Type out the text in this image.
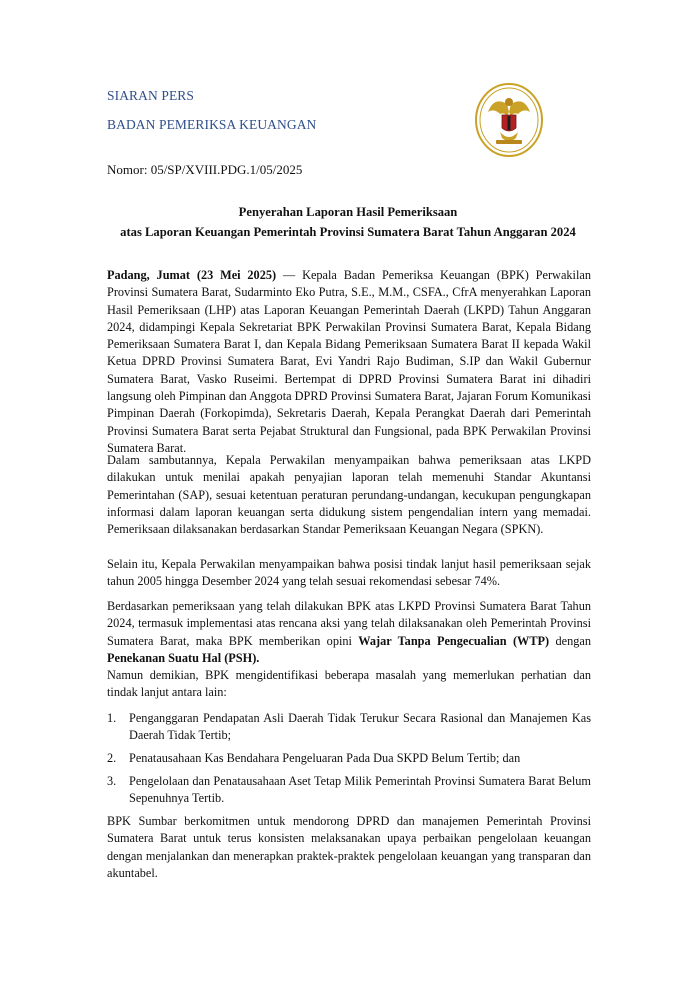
SIARAN PERS
BADAN PEMERIKSA KEUANGAN
Nomor: 05/SP/XVIII.PDG.1/05/2025
Penyerahan Laporan Hasil Pemeriksaan
atas Laporan Keuangan Pemerintah Provinsi Sumatera Barat Tahun Anggaran 2024

Padang, Jumat (23 Mei 2025) — Kepala Badan Pemeriksa Keuangan (BPK) Perwakilan Provinsi Sumatera Barat, Sudarminto Eko Putra, S.E., M.M., CSFA., CfrA menyerahkan Laporan Hasil Pemeriksaan (LHP) atas Laporan Keuangan Pemerintah Daerah (LKPD) Tahun Anggaran 2024, didampingi Kepala Sekretariat BPK Perwakilan Provinsi Sumatera Barat, Kepala Bidang Pemeriksaan Sumatera Barat I, dan Kepala Bidang Pemeriksaan Sumatera Barat II kepada Wakil Ketua DPRD Provinsi Sumatera Barat, Evi Yandri Rajo Budiman, S.IP dan Wakil Gubernur Sumatera Barat, Vasko Ruseimi. Bertempat di DPRD Provinsi Sumatera Barat ini dihadiri langsung oleh Pimpinan dan Anggota DPRD Provinsi Sumatera Barat, Jajaran Forum Komunikasi Pimpinan Daerah (Forkopimda), Sekretaris Daerah, Kepala Perangkat Daerah dari Pemerintah Provinsi Sumatera Barat serta Pejabat Struktural dan Fungsional, pada BPK Perwakilan Provinsi Sumatera Barat.

Dalam sambutannya, Kepala Perwakilan menyampaikan bahwa pemeriksaan atas LKPD dilakukan untuk menilai apakah penyajian laporan telah memenuhi Standar Akuntansi Pemerintahan (SAP), sesuai ketentuan peraturan perundang-undangan, kecukupan pengungkapan informasi dalam laporan keuangan serta didukung sistem pengendalian intern yang memadai. Pemeriksaan dilaksanakan berdasarkan Standar Pemeriksaan Keuangan Negara (SPKN).

Selain itu, Kepala Perwakilan menyampaikan bahwa posisi tindak lanjut hasil pemeriksaan sejak tahun 2005 hingga Desember 2024 yang telah sesuai rekomendasi sebesar 74%.

Berdasarkan pemeriksaan yang telah dilakukan BPK atas LKPD Provinsi Sumatera Barat Tahun 2024, termasuk implementasi atas rencana aksi yang telah dilaksanakan oleh Pemerintah Provinsi Sumatera Barat, maka BPK memberikan opini Wajar Tanpa Pengecualian (WTP) dengan Penekanan Suatu Hal (PSH).

Namun demikian, BPK mengidentifikasi beberapa masalah yang memerlukan perhatian dan tindak lanjut antara lain:

1. Penganggaran Pendapatan Asli Daerah Tidak Terukur Secara Rasional dan Manajemen Kas Daerah Tidak Tertib;
2. Penatausahaan Kas Bendahara Pengeluaran Pada Dua SKPD Belum Tertib; dan
3. Pengelolaan dan Penatausahaan Aset Tetap Milik Pemerintah Provinsi Sumatera Barat Belum Sepenuhnya Tertib.

BPK Sumbar berkomitmen untuk mendorong DPRD dan manajemen Pemerintah Provinsi Sumatera Barat untuk terus konsisten melaksanakan upaya perbaikan pengelolaan keuangan dengan menjalankan dan menerapkan praktek-praktek pengelolaan keuangan yang transparan dan akuntabel.
